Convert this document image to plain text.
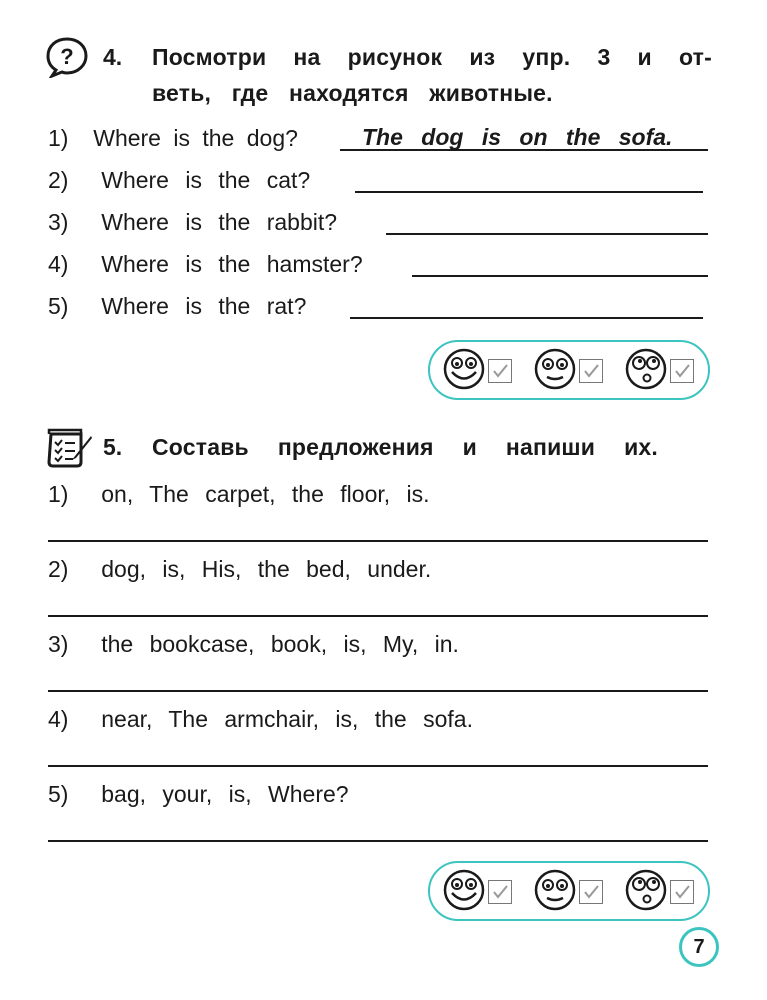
? 4. Посмотри на рисунок из упр. 3 и от-
веть, где находятся животные.
1) Where is the dog?	The dog is on the sofa.
2) Where is the cat?
3) Where is the rabbit?
4) Where is the hamster?
5) Where is the rat?
5. Составь предложения и напиши их.
1) on, The carpet, the floor, is.
2) dog, is, His, the bed, under.
3) the bookcase, book, is, My, in.
4) near, The armchair, is, the sofa.
5) bag, your, is, Where?
7
